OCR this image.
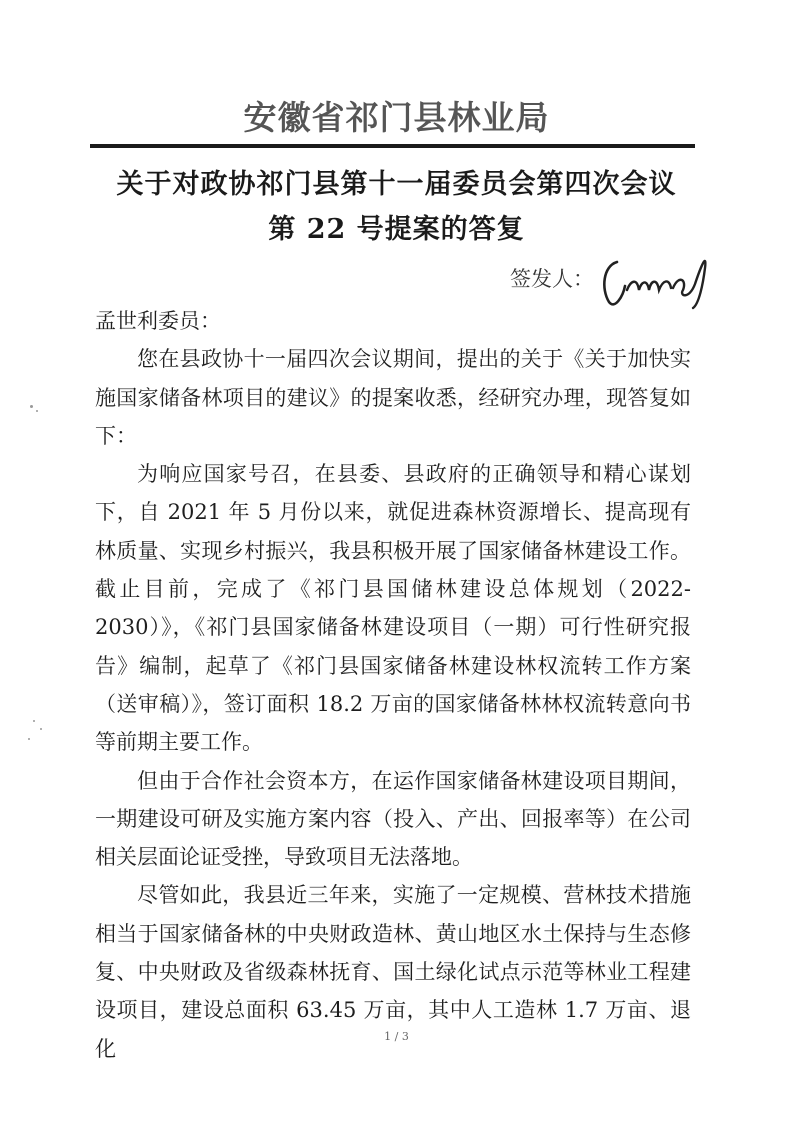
安徽省祁门县林业局
关于对政协祁门县第十一届委员会第四次会议
第 22 号提案的答复
签发人：

孟世利委员：

您在县政协十一届四次会议期间，提出的关于《关于加快实施国家储备林项目的建议》的提案收悉，经研究办理，现答复如下：

为响应国家号召，在县委、县政府的正确领导和精心谋划下，自 2021 年 5 月份以来，就促进森林资源增长、提高现有林质量、实现乡村振兴，我县积极开展了国家储备林建设工作。截止目前，完成了《祁门县国储林建设总体规划（2022-2030）》，《祁门县国家储备林建设项目（一期）可行性研究报告》编制，起草了《祁门县国家储备林建设林权流转工作方案（送审稿）》，签订面积 18.2 万亩的国家储备林林权流转意向书等前期主要工作。

但由于合作社会资本方，在运作国家储备林建设项目期间，一期建设可研及实施方案内容（投入、产出、回报率等）在公司相关层面论证受挫，导致项目无法落地。

尽管如此，我县近三年来，实施了一定规模、营林技术措施相当于国家储备林的中央财政造林、黄山地区水土保持与生态修复、中央财政及省级森林抚育、国土绿化试点示范等林业工程建设项目，建设总面积 63.45 万亩，其中人工造林 1.7 万亩、退化

1 / 3
